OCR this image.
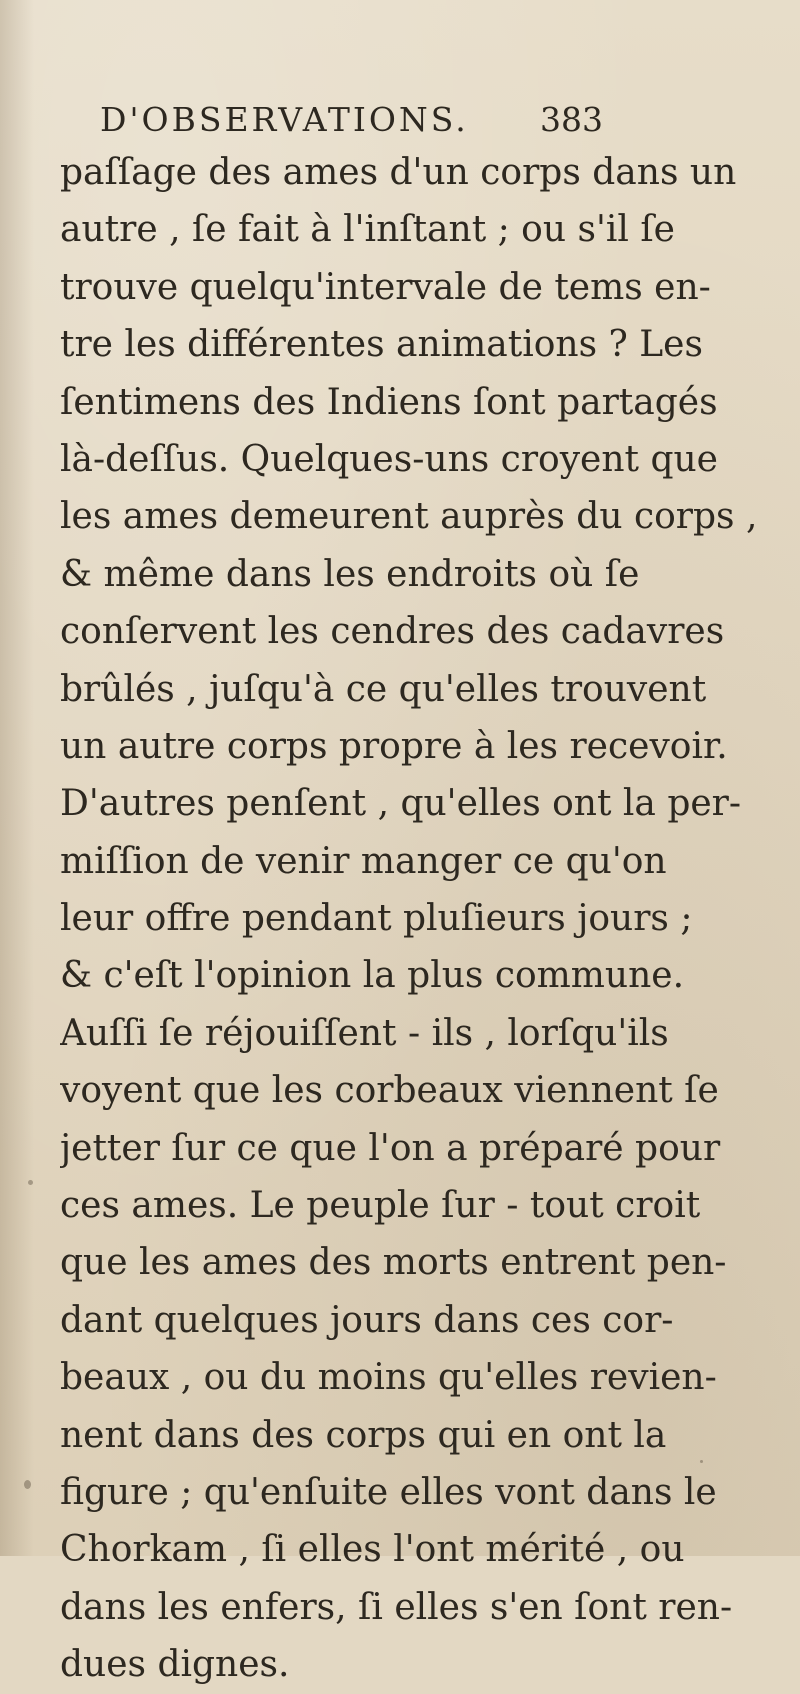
D'OBSERVATIONS. 383
paſſage des ames d'un corps dans un
autre , ſe fait à l'inſtant ; ou s'il ſe
trouve quelqu'intervale de tems en-
tre les différentes animations ? Les
ſentimens des Indiens ſont partagés
là-deſſus. Quelques-uns croyent que
les ames demeurent auprès du corps ,
& même dans les endroits où ſe
conſervent les cendres des cadavres
brûlés , juſqu'à ce qu'elles trouvent
un autre corps propre à les recevoir.
D'autres penſent , qu'elles ont la per-
miſſion de venir manger ce qu'on
leur offre pendant pluſieurs jours ;
& c'eſt l'opinion la plus commune.
Auſſi ſe réjouiſſent - ils , lorſqu'ils
voyent que les corbeaux viennent ſe
jetter ſur ce que l'on a préparé pour
ces ames. Le peuple ſur - tout croit
que les ames des morts entrent pen-
dant quelques jours dans ces cor-
beaux , ou du moins qu'elles revien-
nent dans des corps qui en ont la
figure ; qu'enſuite elles vont dans le
Chorkam , ſi elles l'ont mérité , ou
dans les enfers, ſi elles s'en ſont ren-
dues dignes.
